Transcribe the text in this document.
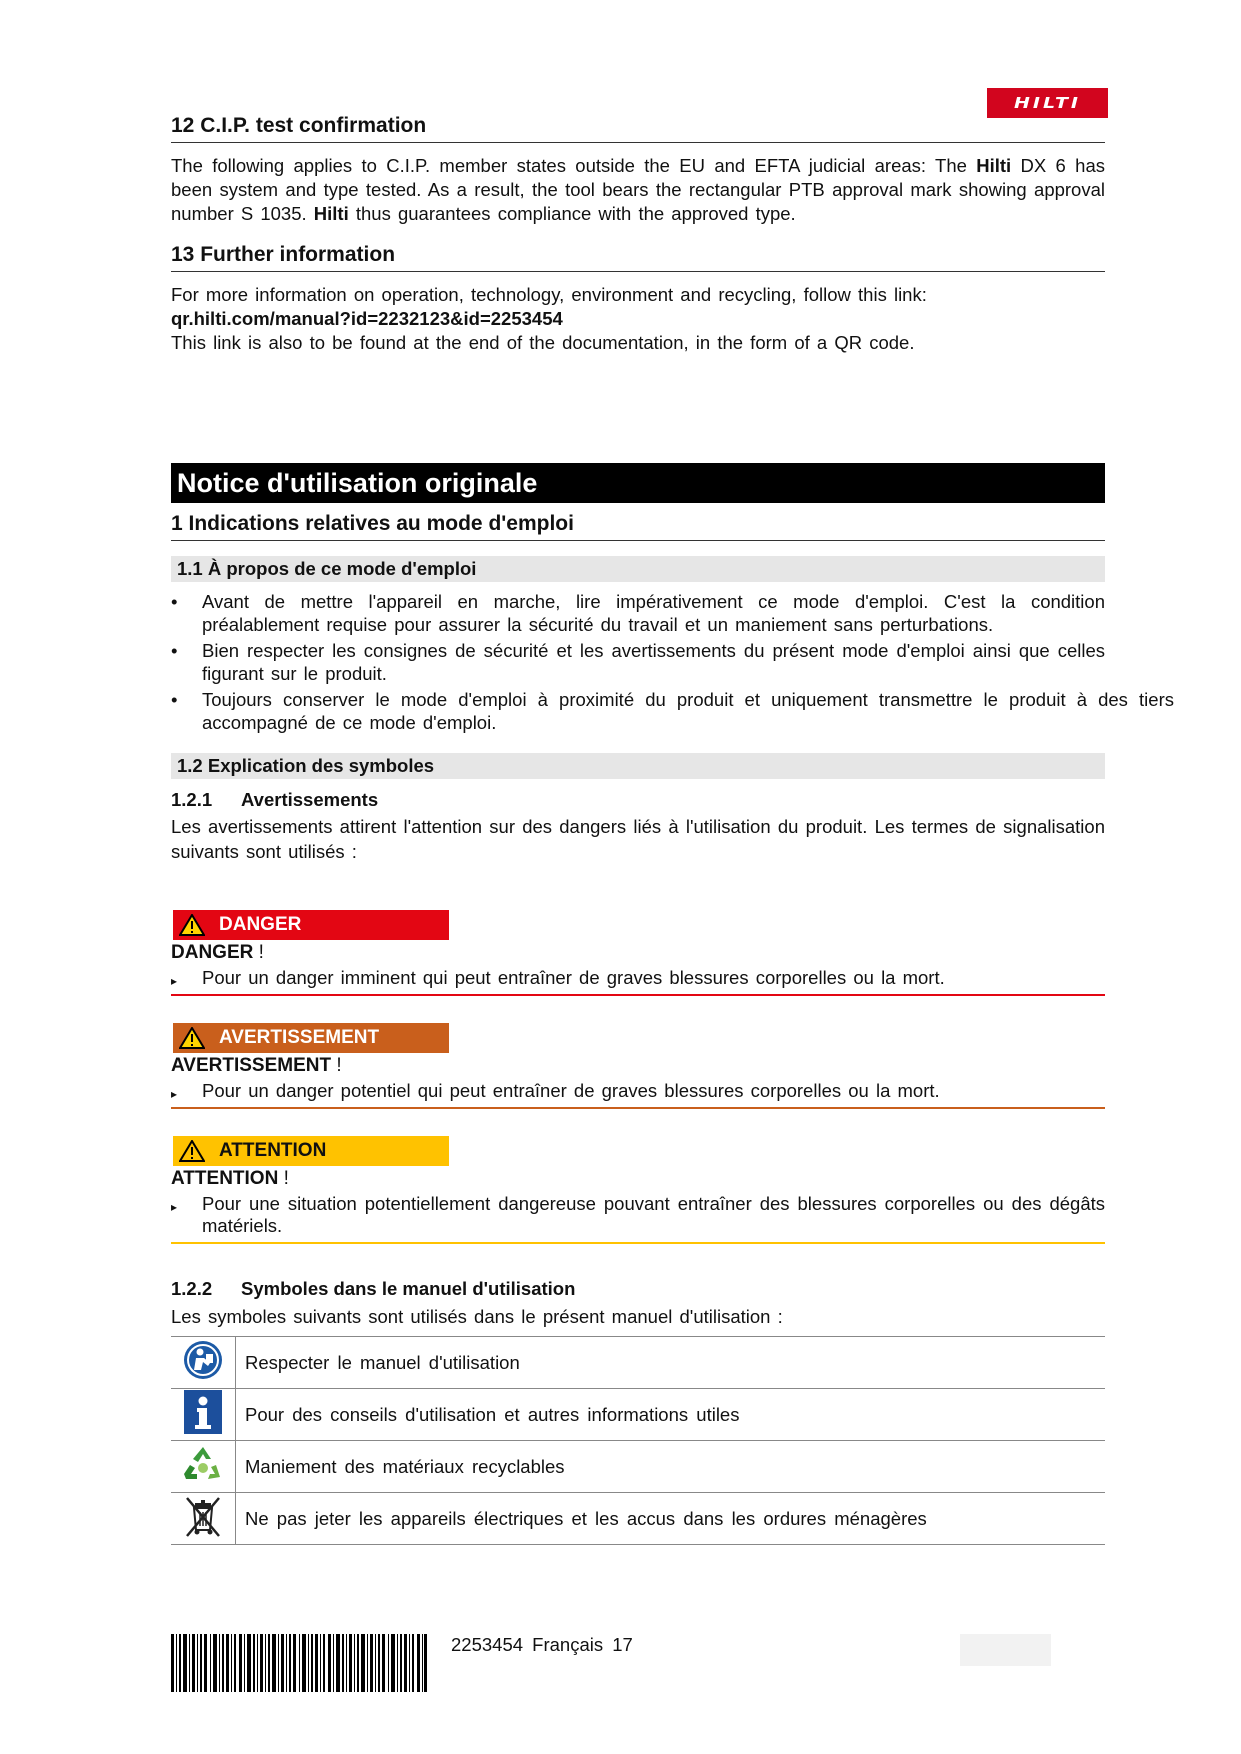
HILTI
12 C.I.P. test confirmation

The following applies to C.I.P. member states outside the EU and EFTA judicial areas: The Hilti DX 6 has been system and type tested. As a result, the tool bears the rectangular PTB approval mark showing approval number S 1035. Hilti thus guarantees compliance with the approved type.

13 Further information

For more information on operation, technology, environment and recycling, follow this link:

qr.hilti.com/manual?id=2232123&id=2253454

This link is also to be found at the end of the documentation, in the form of a QR code.

Notice d'utilisation originale
1 Indications relatives au mode d'emploi
1.1 À propos de ce mode d'emploi
• Avant de mettre l'appareil en marche, lire impérativement ce mode d'emploi. C'est la condition préalablement requise pour assurer la sécurité du travail et un maniement sans perturbations.
• Bien respecter les consignes de sécurité et les avertissements du présent mode d'emploi ainsi que celles figurant sur le produit.
• Toujours conserver le mode d'emploi à proximité du produit et uniquement transmettre le produit à des tiers accompagné de ce mode d'emploi.
1.2 Explication des symboles
1.2.1 Avertissements

Les avertissements attirent l'attention sur des dangers liés à l'utilisation du produit. Les termes de signalisation suivants sont utilisés :

DANGER
DANGER !
▸ Pour un danger imminent qui peut entraîner de graves blessures corporelles ou la mort.
AVERTISSEMENT
AVERTISSEMENT !
▸ Pour un danger potentiel qui peut entraîner de graves blessures corporelles ou la mort.
ATTENTION
ATTENTION !
▸ Pour une situation potentiellement dangereuse pouvant entraîner des blessures corporelles ou des dégâts matériels.
1.2.2 Symboles dans le manuel d'utilisation

Les symboles suivants sont utilisés dans le présent manuel d'utilisation :

	Respecter le manuel d'utilisation
	Pour des conseils d'utilisation et autres informations utiles
	Maniement des matériaux recyclables
	Ne pas jeter les appareils électriques et les accus dans les ordures ménagères
2253454 Français 17
